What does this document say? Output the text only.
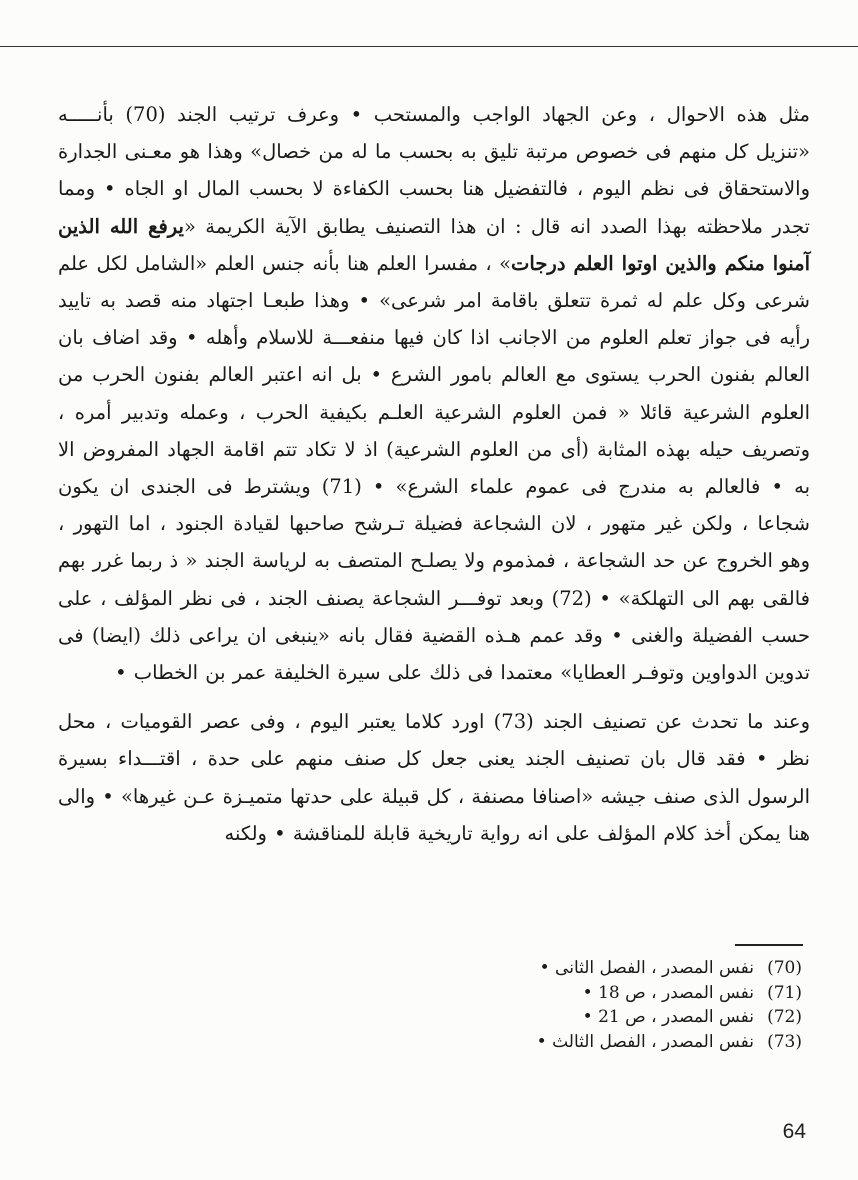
مثل هذه الاحوال ، وعن الجهاد الواجب والمستحب • وعرف ترتيب الجند (70) بأنـــــه «تنزيل كل منهم فى خصوص مرتبة تليق به بحسب ما له من خصال» وهذا هو معـنى الجدارة والاستحقاق فى نظم اليوم ، فالتفضيل هنا بحسب الكفاءة لا بحسب المال او الجاه • ومما تجدر ملاحظته بهذا الصدد انه قال : ان هذا التصنيف يطابق الآية الكريمة «يرفع الله الذين آمنوا منكم والذين اوتوا العلم درجات» ، مفسرا العلم هنا بأنه جنس العلم «الشامل لكل علم شرعى وكل علم له ثمرة تتعلق باقامة امر شرعى» • وهذا طبعـا اجتهاد منه قصد به تاييد رأيه فى جواز تعلم العلوم من الاجانب اذا كان فيها منفعـــة للاسلام وأهله • وقد اضاف بان العالم بفنون الحرب يستوى مع العالم بامور الشرع • بل انه اعتبر العالم بفنون الحرب من العلوم الشرعية قائلا « فمن العلوم الشرعية العلـم بكيفية الحرب ، وعمله وتدبير أمره ، وتصريف حيله بهذه المثابة (أى من العلوم الشرعية) اذ لا تكاد تتم اقامة الجهاد المفروض الا به • فالعالم به مندرج فى عموم علماء الشرع» • (71) ويشترط فى الجندى ان يكون شجاعا ، ولكن غير متهور ، لان الشجاعة فضيلة تـرشح صاحبها لقيادة الجنود ، اما التهور ، وهو الخروج عن حد الشجاعة ، فمذموم ولا يصلـح المتصف به لرياسة الجند « ذ ربما غرر بهم فالقى بهم الى التهلكة» • (72) وبعد توفـــر الشجاعة يصنف الجند ، فى نظر المؤلف ، على حسب الفضيلة والغنى • وقد عمم هـذه القضية فقال بانه «ينبغى ان يراعى ذلك (ايضا) فى تدوين الدواوين وتوفـر العطايا» معتمدا فى ذلك على سيرة الخليفة عمر بن الخطاب •

وعند ما تحدث عن تصنيف الجند (73) اورد كلاما يعتبر اليوم ، وفى عصر القوميات ، محل نظر • فقد قال بان تصنيف الجند يعنى جعل كل صنف منهم على حدة ، اقتـــداء بسيرة الرسول الذى صنف جيشه «اصنافا مصنفة ، كل قبيلة على حدتها متميـزة عـن غيرها» • والى هنا يمكن أخذ كلام المؤلف على انه رواية تاريخية قابلة للمناقشة • ولكنه

(70)
نفس المصدر ، الفصل الثانى •
(71)
نفس المصدر ، ص 18 •
(72)
نفس المصدر ، ص 21 •
(73)
نفس المصدر ، الفصل الثالث •
64
